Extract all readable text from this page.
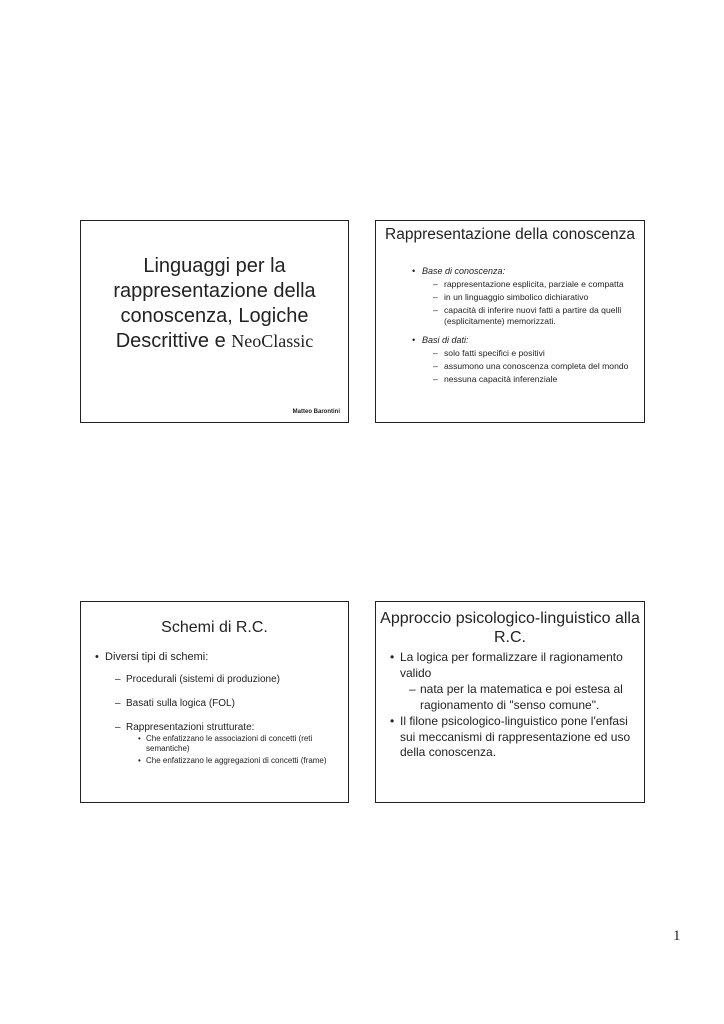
Linguaggi per la
rappresentazione della
conoscenza, Logiche
Descrittive e NeoClassic
Matteo Barontini
Rappresentazione della conoscenza
• Base di conoscenza:
– rappresentazione esplicita, parziale e compatta
– in un linguaggio simbolico dichiarativo
– capacità di inferire nuovi fatti a partire da quelli (esplicitamente) memorizzati.
• Basi di dati:
– solo fatti specifici e positivi
– assumono una conoscenza completa del mondo
– nessuna capacità inferenziale
Schemi di R.C.
• Diversi tipi di schemi:
– Procedurali (sistemi di produzione)
– Basati sulla logica (FOL)
– Rappresentazioni strutturate:
• Che enfatizzano le associazioni di concetti (reti semantiche)
• Che enfatizzano le aggregazioni di concetti (frame)
Approccio psicologico-linguistico alla R.C.
• La logica per formalizzare il ragionamento valido
– nata per la matematica e poi estesa al ragionamento di "senso comune".
• Il filone psicologico-linguistico pone l'enfasi sui meccanismi di rappresentazione ed uso della conoscenza.
1
